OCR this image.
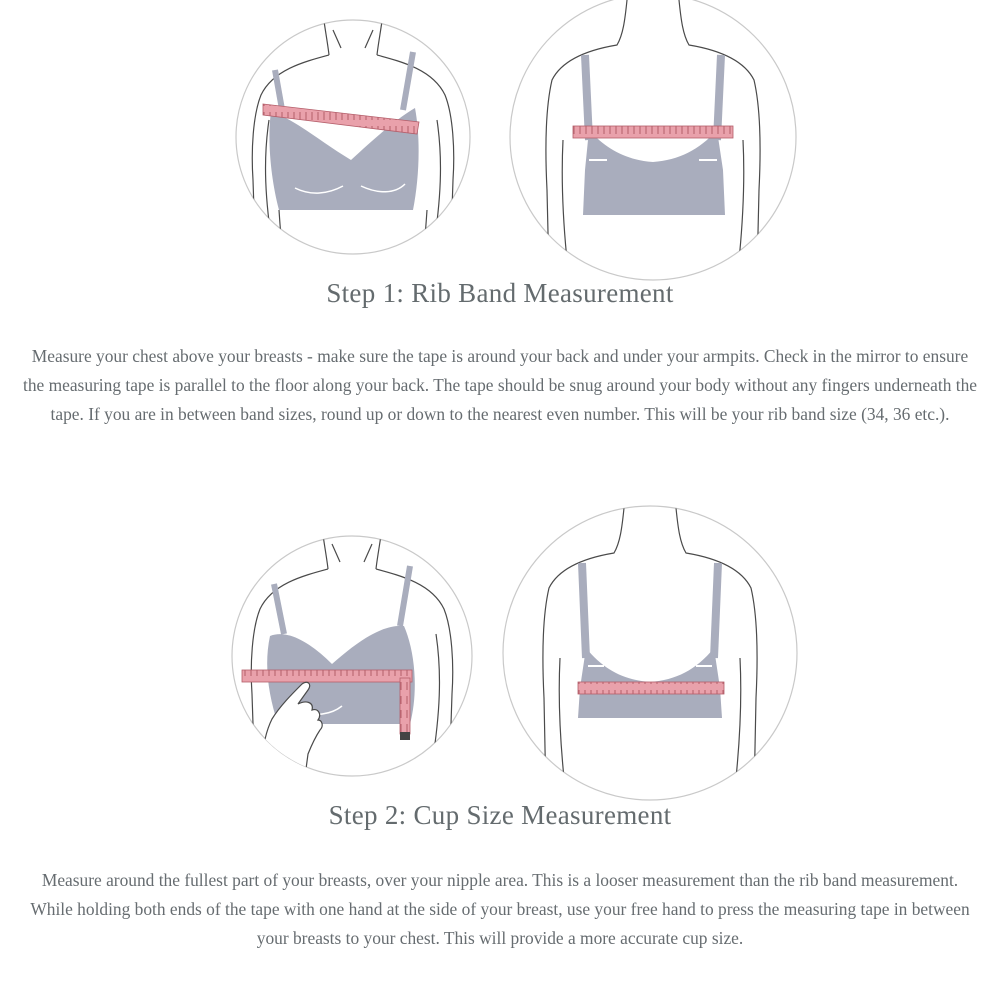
Step 1: Rib Band Measurement

Measure your chest above your breasts - make sure the tape is around your back and under your armpits. Check in the mirror to ensure the measuring tape is parallel to the floor along your back. The tape should be snug around your body without any fingers underneath the tape. If you are in between band sizes, round up or down to the nearest even number. This will be your rib band size (34, 36 etc.).

Step 2: Cup Size Measurement

Measure around the fullest part of your breasts, over your nipple area. This is a looser measurement than the rib band measurement. While holding both ends of the tape with one hand at the side of your breast, use your free hand to press the measuring tape in between your breasts to your chest. This will provide a more accurate cup size.
